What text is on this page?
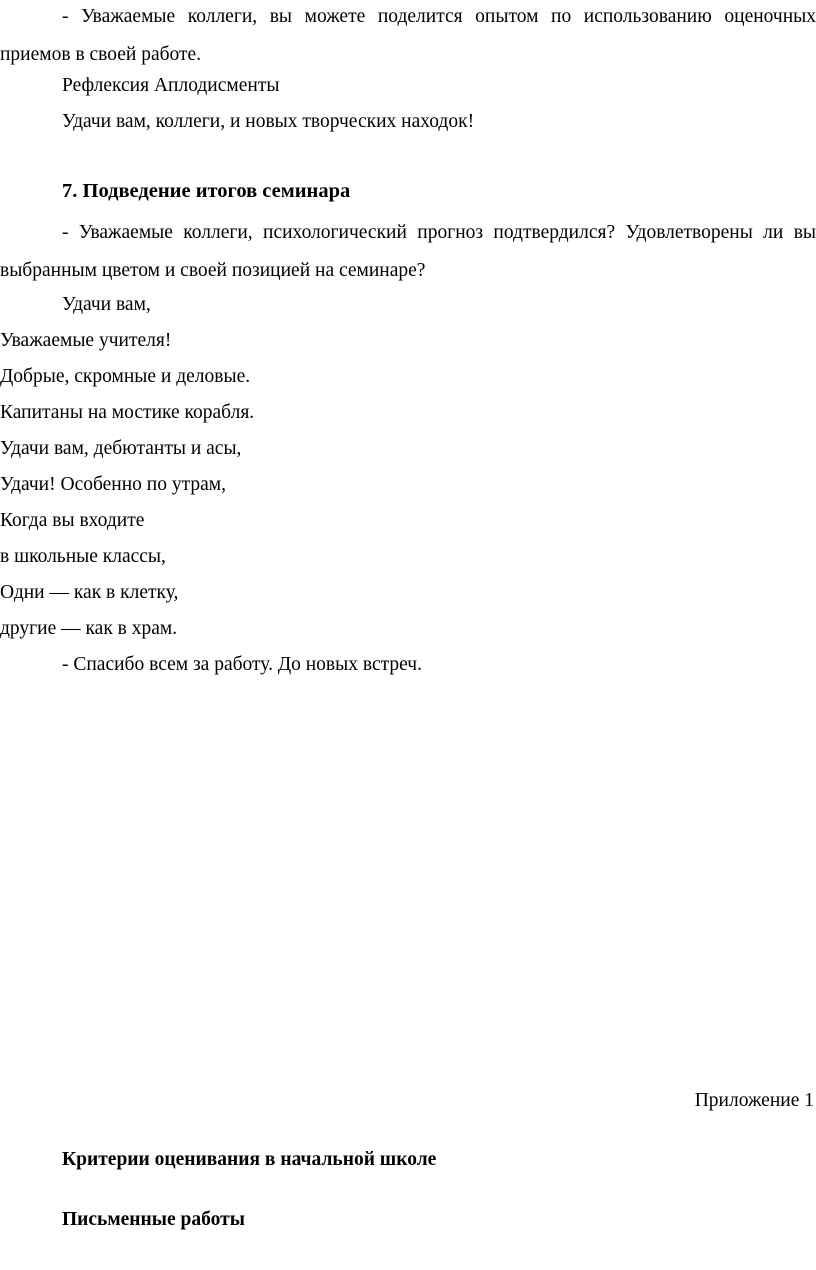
- Уважаемые коллеги, вы можете поделится опытом по использованию оценочных приемов в своей работе.

Рефлексия Аплодисменты

Удачи вам, коллеги, и новых творческих находок!

7. Подведение итогов семинара

- Уважаемые коллеги, психологический прогноз подтвердился? Удовлетворены ли вы выбранным цветом и своей позицией на семинаре?

Удачи вам,

Уважаемые учителя!

Добрые, скромные и деловые.

Капитаны на мостике корабля.

Удачи вам, дебютанты и асы,

Удачи! Особенно по утрам,

Когда вы входите

в школьные классы,

Одни — как в клетку,

другие — как в храм.

- Спасибо всем за работу. До новых встреч.

Приложение 1

Критерии оценивания в начальной школе

Письменные работы
